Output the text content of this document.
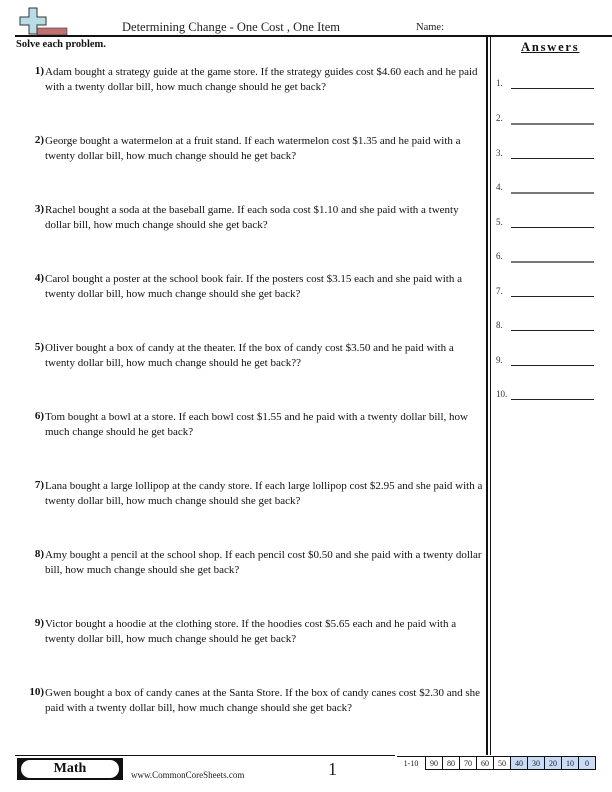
Determining Change - One Cost , One Item	Name:
Solve each problem.	Answers
1.
2.
3.
4.
5.
6.
7.
8.
9.
10.
1) Adam bought a strategy guide at the game store. If the strategy guides cost $4.60 each and he paid with a twenty dollar bill, how much change should he get back?
2) George bought a watermelon at a fruit stand. If each watermelon cost $1.35 and he paid with a twenty dollar bill, how much change should he get back?
3) Rachel bought a soda at the baseball game. If each soda cost $1.10 and she paid with a twenty dollar bill, how much change should she get back?
4) Carol bought a poster at the school book fair. If the posters cost $3.15 each and she paid with a twenty dollar bill, how much change should she get back?
5) Oliver bought a box of candy at the theater. If the box of candy cost $3.50 and he paid with a twenty dollar bill, how much change should he get back??
6) Tom bought a bowl at a store. If each bowl cost $1.55 and he paid with a twenty dollar bill, how much change should he get back?
7) Lana bought a large lollipop at the candy store. If each large lollipop cost $2.95 and she paid with a twenty dollar bill, how much change should she get back?
8) Amy bought a pencil at the school shop. If each pencil cost $0.50 and she paid with a twenty dollar bill, how much change should she get back?
9) Victor bought a hoodie at the clothing store. If the hoodies cost $5.65 each and he paid with a twenty dollar bill, how much change should he get back?
10) Gwen bought a box of candy canes at the Santa Store. If the box of candy canes cost $2.30 and she paid with a twenty dollar bill, how much change should she get back?
Math	www.CommonCoreSheets.com	1	1-10	90	80	70	60	50	40	30	20	10	0
